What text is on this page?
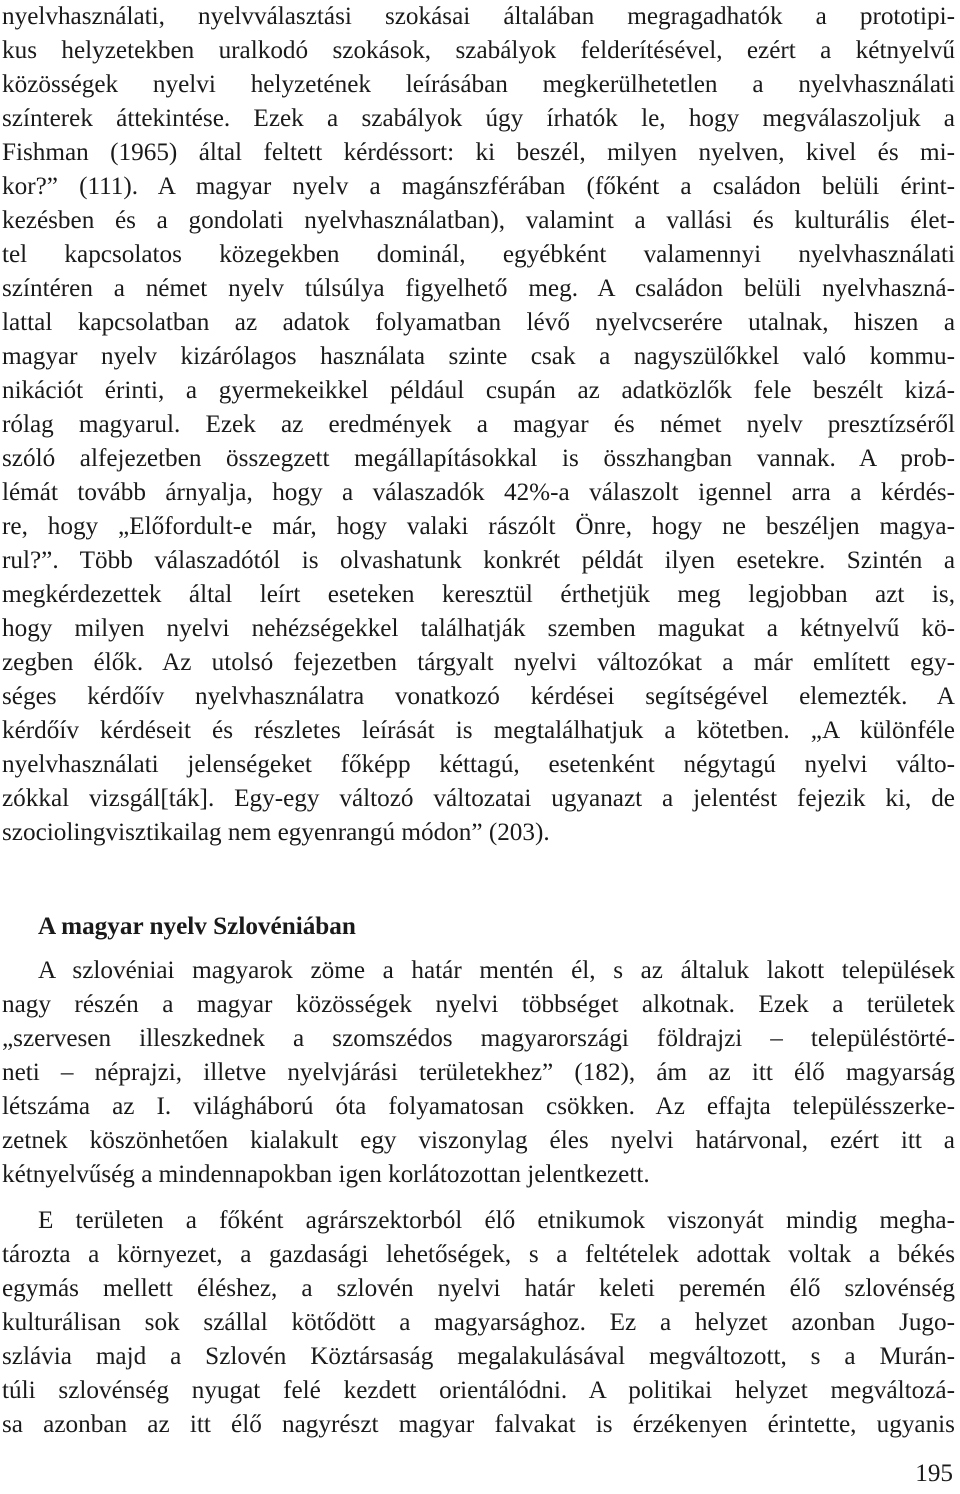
nyelvhasználati, nyelvválasztási szokásai általában megragadhatók a prototipi-

kus helyzetekben uralkodó szokások, szabályok felderítésével, ezért a kétnyelvű

közösségek nyelvi helyzetének leírásában megkerülhetetlen a nyelvhasználati

színterek áttekintése. Ezek a szabályok úgy írhatók le, hogy megválaszoljuk a

Fishman (1965) által feltett kérdéssort: ki beszél, milyen nyelven, kivel és mi-

kor?” (111). A magyar nyelv a magánszférában (főként a családon belüli érint-

kezésben és a gondolati nyelvhasználatban), valamint a vallási és kulturális élet-

tel kapcsolatos közegekben dominál, egyébként valamennyi nyelvhasználati

színtéren a német nyelv túlsúlya figyelhető meg. A családon belüli nyelvhaszná-

lattal kapcsolatban az adatok folyamatban lévő nyelvcserére utalnak, hiszen a

magyar nyelv kizárólagos használata szinte csak a nagyszülőkkel való kommu-

nikációt érinti, a gyermekeikkel például csupán az adatközlők fele beszélt kizá-

rólag magyarul. Ezek az eredmények a magyar és német nyelv presztízséről

szóló alfejezetben összegzett megállapításokkal is összhangban vannak. A prob-

lémát tovább árnyalja, hogy a válaszadók 42%-a válaszolt igennel arra a kérdés-

re, hogy „Előfordult-e már, hogy valaki rászólt Önre, hogy ne beszéljen magya-

rul?”. Több válaszadótól is olvashatunk konkrét példát ilyen esetekre. Szintén a

megkérdezettek által leírt eseteken keresztül érthetjük meg legjobban azt is,

hogy milyen nyelvi nehézségekkel találhatják szemben magukat a kétnyelvű kö-

zegben élők. Az utolsó fejezetben tárgyalt nyelvi változókat a már említett egy-

séges kérdőív nyelvhasználatra vonatkozó kérdései segítségével elemezték. A

kérdőív kérdéseit és részletes leírását is megtalálhatjuk a kötetben. „A különféle

nyelvhasználati jelenségeket főképp kéttagú, esetenként négytagú nyelvi válto-

zókkal vizsgál[ták]. Egy-egy változó változatai ugyanazt a jelentést fejezik ki, de

szociolingvisztikailag nem egyenrangú módon” (203).

A magyar nyelv Szlovéniában

A szlovéniai magyarok zöme a határ mentén él, s az általuk lakott települések

nagy részén a magyar közösségek nyelvi többséget alkotnak. Ezek a területek

„szervesen illeszkednek a szomszédos magyarországi földrajzi – településtörté-

neti – néprajzi, illetve nyelvjárási területekhez” (182), ám az itt élő magyarság

létszáma az I. világháború óta folyamatosan csökken. Az effajta településszerke-

zetnek köszönhetően kialakult egy viszonylag éles nyelvi határvonal, ezért itt a

kétnyelvűség a mindennapokban igen korlátozottan jelentkezett.

E területen a főként agrárszektorból élő etnikumok viszonyát mindig megha-

tározta a környezet, a gazdasági lehetőségek, s a feltételek adottak voltak a békés

egymás mellett éléshez, a szlovén nyelvi határ keleti peremén élő szlovénség

kulturálisan sok szállal kötődött a magyarsághoz. Ez a helyzet azonban Jugo-

szlávia majd a Szlovén Köztársaság megalakulásával megváltozott, s a Murán-

túli szlovénség nyugat felé kezdett orientálódni. A politikai helyzet megváltozá-

sa azonban az itt élő nagyrészt magyar falvakat is érzékenyen érintette, ugyanis

195
